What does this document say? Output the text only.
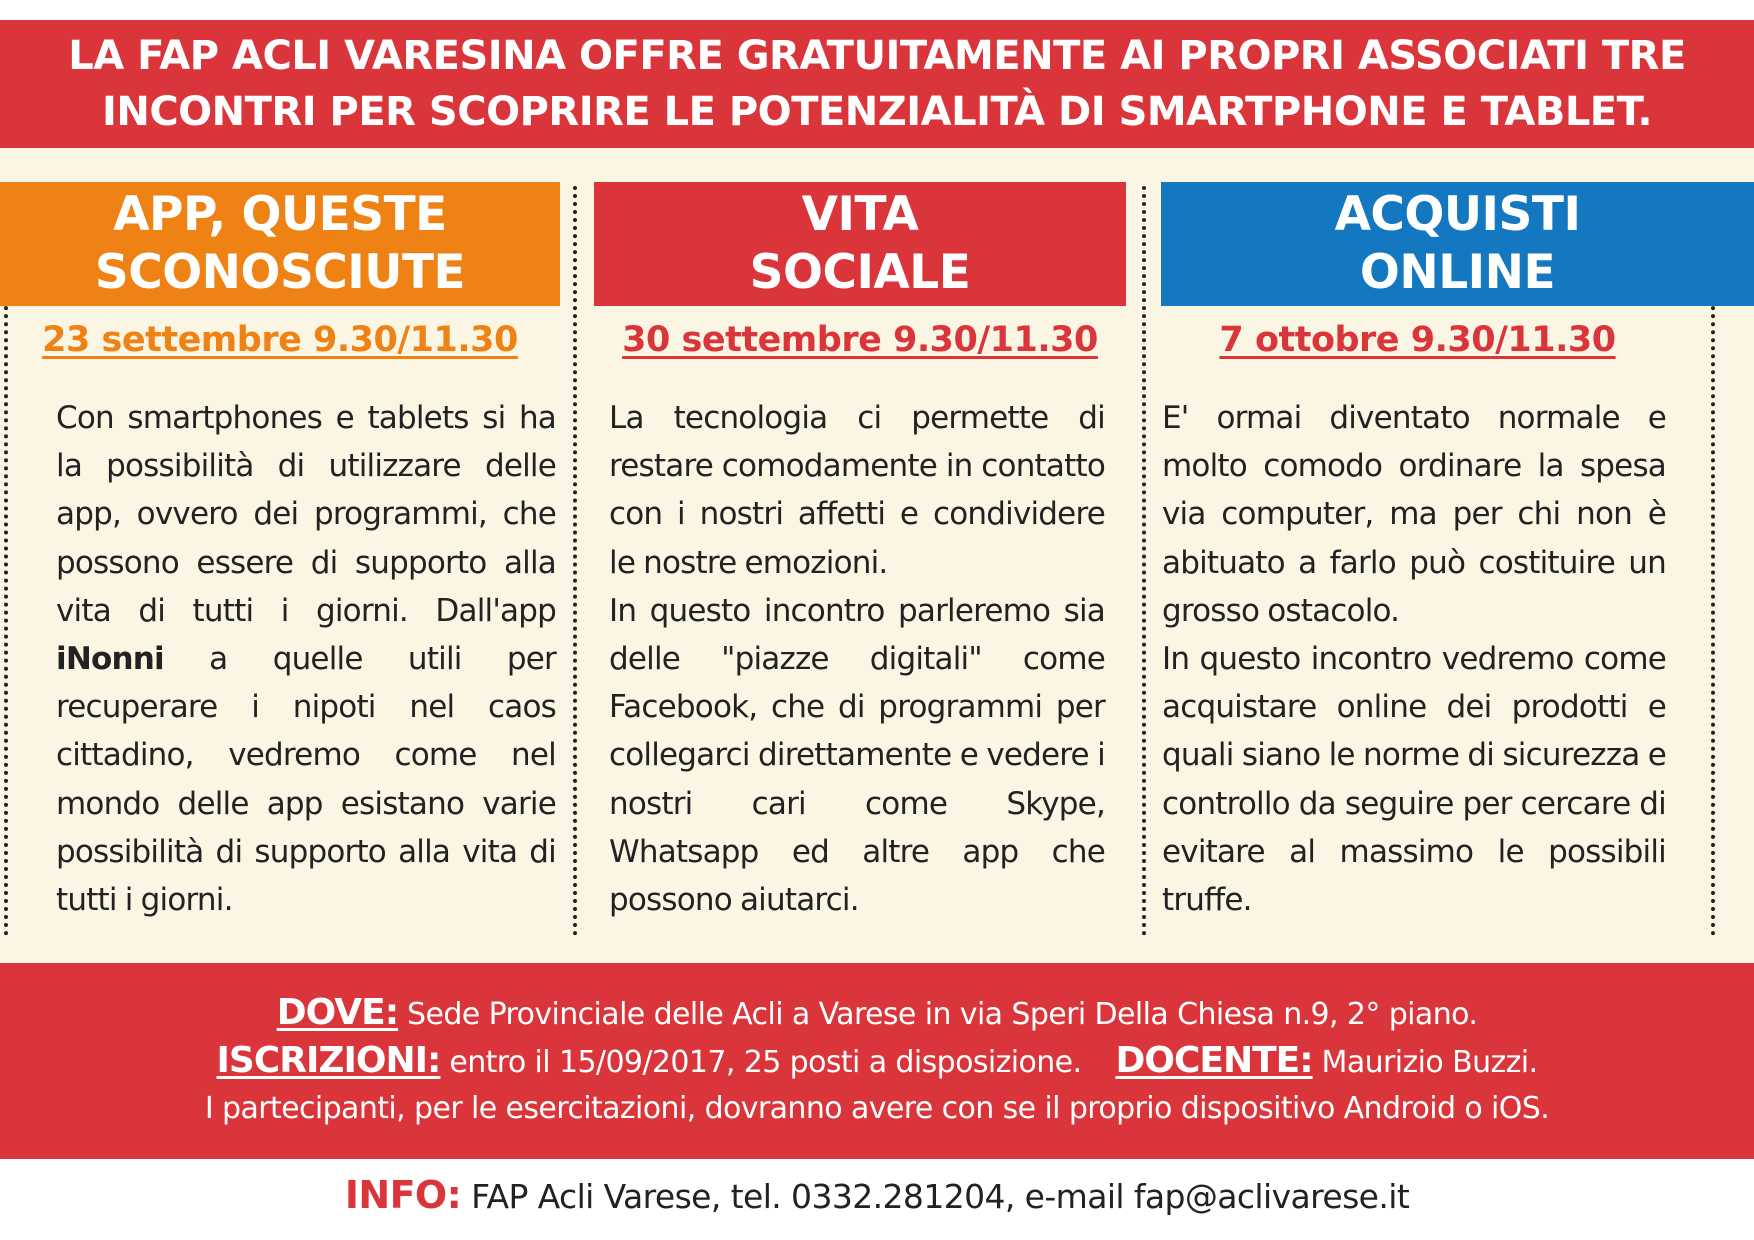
LA FAP ACLI VARESINA OFFRE GRATUITAMENTE AI PROPRI ASSOCIATI TRE
INCONTRI PER SCOPRIRE LE POTENZIALITÀ DI SMARTPHONE E TABLET.
APP, QUESTE
SCONOSCIUTE
23 settembre 9.30/11.30

Con smartphones e tablets si ha la possibilità di utilizzare delle app, ovvero dei programmi, che possono essere di supporto alla vita di tutti i giorni. Dall'app iNonni a quelle utili per recuperare i nipoti nel caos cittadino, vedremo come nel mondo delle app esistano varie possibilità di supporto alla vita di tutti i giorni.

VITA
SOCIALE
30 settembre 9.30/11.30

La tecnologia ci permette di restare comodamente in contatto con i nostri affetti e condividere le nostre emozioni.

In questo incontro parleremo sia delle "piazze digitali" come Facebook, che di programmi per collegarci direttamente e vedere i nostri cari come Skype, Whatsapp ed altre app che possono aiutarci.

ACQUISTI
ONLINE
7 ottobre 9.30/11.30

E' ormai diventato normale e molto comodo ordinare la spesa via computer, ma per chi non è abituato a farlo può costituire un grosso ostacolo.

In questo incontro vedremo come acquistare online dei prodotti e quali siano le norme di sicurezza e controllo da seguire per cercare di evitare al massimo le possibili truffe.

DOVE: Sede Provinciale delle Acli a Varese in via Speri Della Chiesa n.9, 2° piano.
ISCRIZIONI: entro il 15/09/2017, 25 posti a disposizione. DOCENTE: Maurizio Buzzi.
I partecipanti, per le esercitazioni, dovranno avere con se il proprio dispositivo Android o iOS.
INFO: FAP Acli Varese, tel. 0332.281204, e-mail fap@aclivarese.it
